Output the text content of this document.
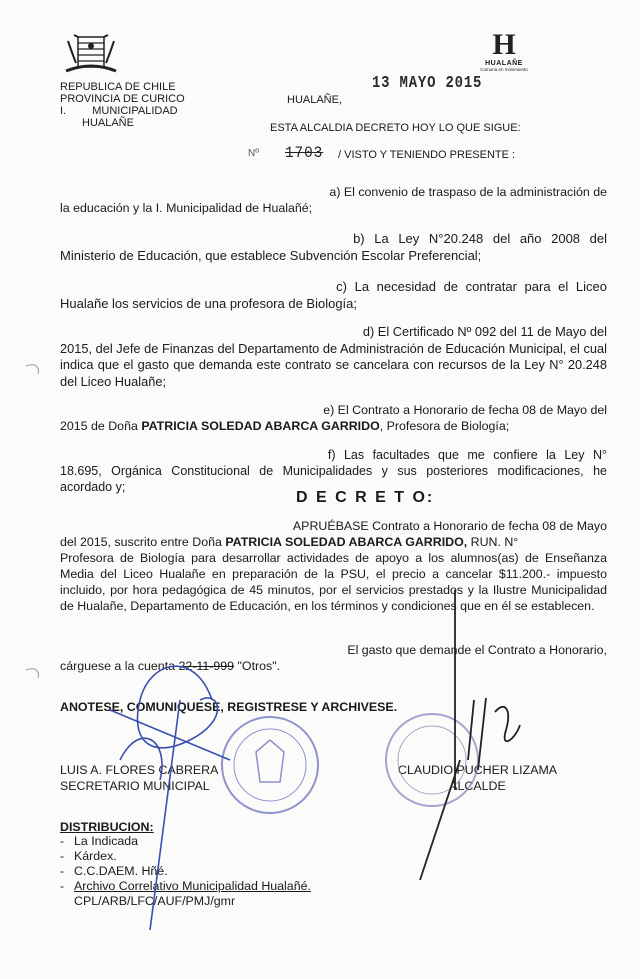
REPUBLICA DE CHILE
PROVINCIA DE CURICO
I. MUNICIPALIDAD
HUALAÑE
H
HUALAÑE
Comuna en movimiento
HUALAÑE,
13 MAYO 2015
ESTA ALCALDIA DECRETO HOY LO QUE SIGUE:
Nº 1703 / VISTO Y TENIENDO PRESENTE :
a) El convenio de traspaso de la administración de
la educación y la I. Municipalidad de Hualañé;
b) La Ley N°20.248 del año 2008 del
Ministerio de Educación, que establece Subvención Escolar Preferencial;
c) La necesidad de contratar para el Liceo
Hualañe los servicios de una profesora de Biología;
d) El Certificado Nº 092 del 11 de Mayo del
2015, del Jefe de Finanzas del Departamento de Administración de Educación Municipal, el cual indica que el gasto que demanda este contrato se cancelara con recursos de la Ley N° 20.248 del Liceo Hualañe;
e) El Contrato a Honorario de fecha 08 de Mayo del
2015 de Doña PATRICIA SOLEDAD ABARCA GARRIDO, Profesora de Biología;
f) Las facultades que me confiere la Ley N°
18.695, Orgánica Constitucional de Municipalidades y sus posteriores modificaciones, he acordado y;
D E C R E T O:
APRUÉBASE Contrato a Honorario de fecha 08 de Mayo
del 2015, suscrito entre Doña PATRICIA SOLEDAD ABARCA GARRIDO, RUN. N°
Profesora de Biología para desarrollar actividades de apoyo a los alumnos(as) de Enseñanza Media del Liceo Hualañe en preparación de la PSU, el precio a cancelar $11.200.- impuesto incluido, por hora pedagógica de 45 minutos, por el servicios prestados y la Ilustre Municipalidad de Hualañe, Departamento de Educación, en los términos y condiciones que en él se establecen.
El gasto que demande el Contrato a Honorario,
cárguese a la cuenta 22-11-999 "Otros".
ANOTESE, COMUNIQUESE, REGISTRESE Y ARCHIVESE.
LUIS A. FLORES CABRERA
SECRETARIO MUNICIPAL
CLAUDIO PUCHER LIZAMA
ALCALDE
DISTRIBUCION:
- La Indicada
- Kárdex.
- C.C.DAEM. Hñé.
- Archivo Correlativo Municipalidad Hualañé.
CPL/ARB/LFC/AUF/PMJ/gmr
